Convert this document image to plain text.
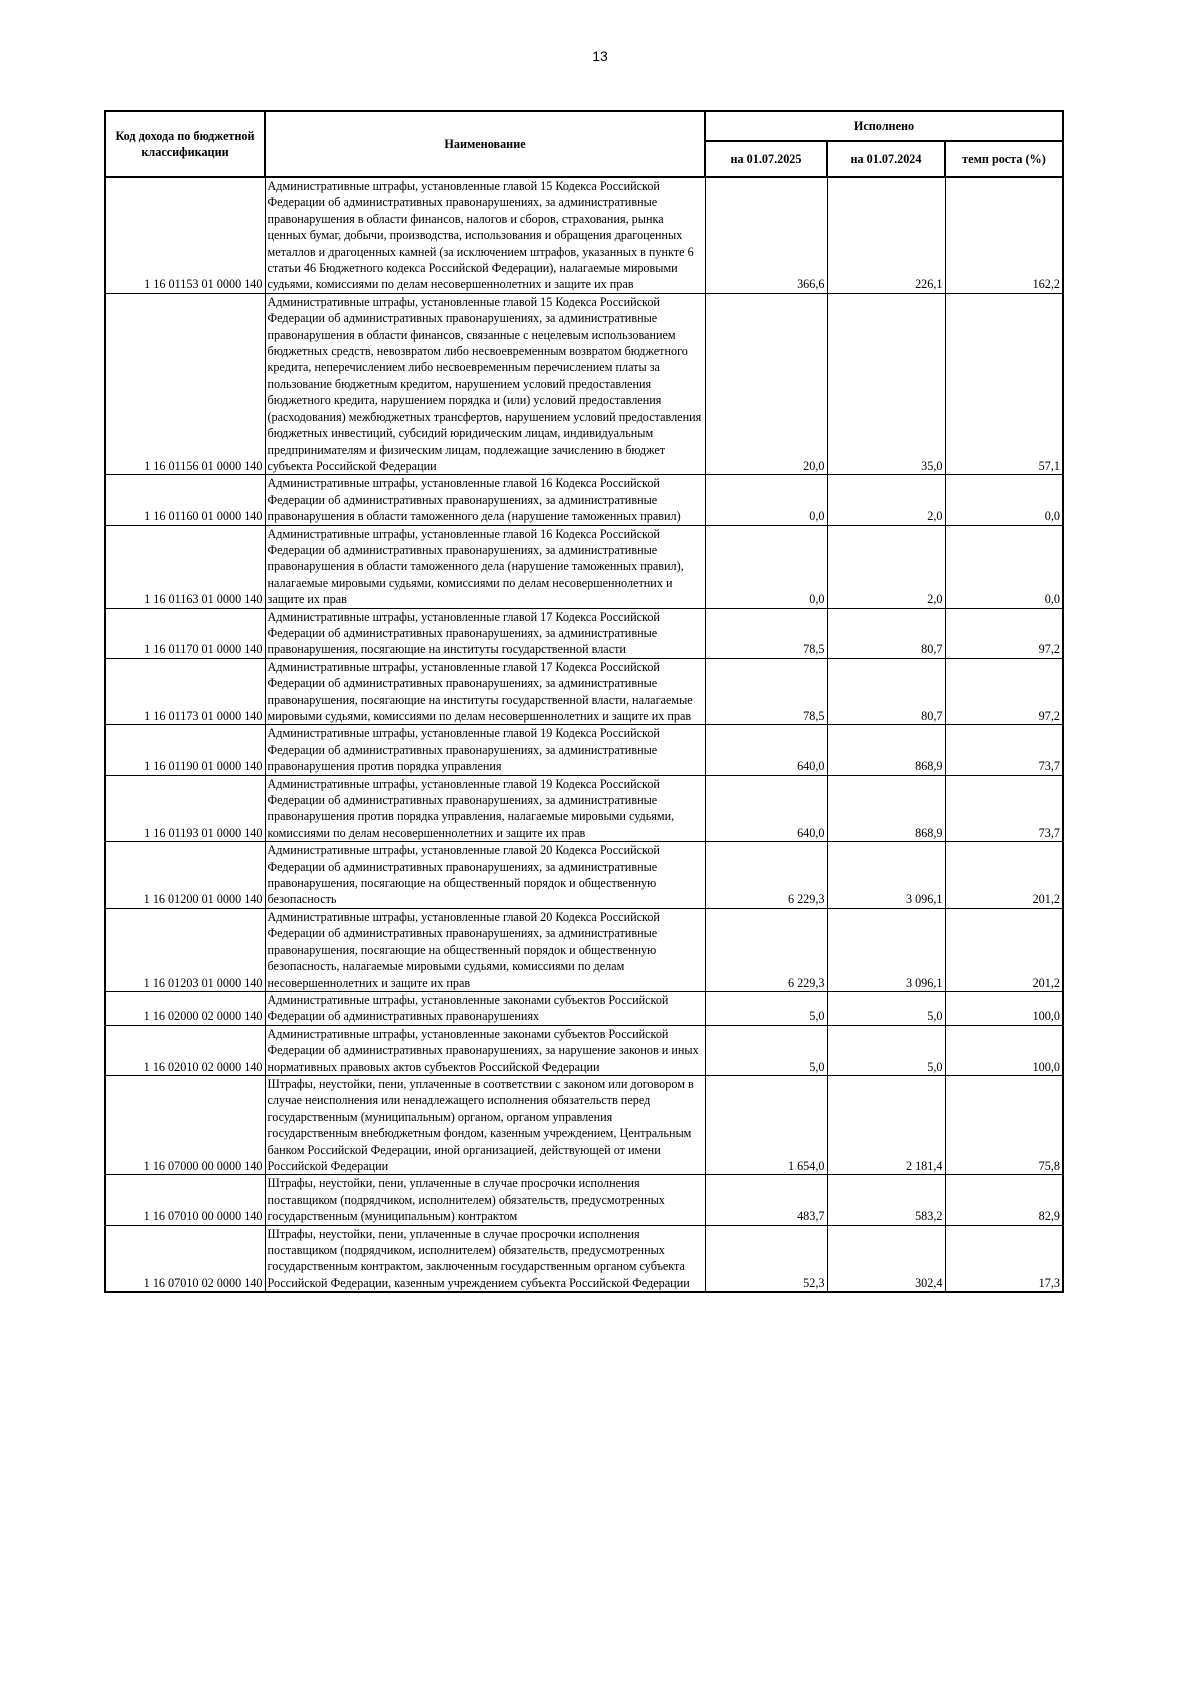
13
Код дохода по бюджетной классификации	Наименование	Исполнено		
		на 01.07.2025	на 01.07.2024	темп роста (%)
1 16 01153 01 0000 140	Административные штрафы, установленные главой 15 Кодекса Российской Федерации об административных правонарушениях, за административные правонарушения в области финансов, налогов и сборов, страхования, рынка ценных бумаг, добычи, производства, использования и обращения драгоценных металлов и драгоценных камней (за исключением штрафов, указанных в пункте 6 статьи 46 Бюджетного кодекса Российской Федерации), налагаемые мировыми судьями, комиссиями по делам несовершеннолетних и защите их прав	366,6	226,1	162,2
1 16 01156 01 0000 140	Административные штрафы, установленные главой 15 Кодекса Российской Федерации об административных правонарушениях, за административные правонарушения в области финансов, связанные с нецелевым использованием бюджетных средств, невозвратом либо несвоевременным возвратом бюджетного кредита, неперечислением либо несвоевременным перечислением платы за пользование бюджетным кредитом, нарушением условий предоставления бюджетного кредита, нарушением порядка и (или) условий предоставления (расходования) межбюджетных трансфертов, нарушением условий предоставления бюджетных инвестиций, субсидий юридическим лицам, индивидуальным предпринимателям и физическим лицам, подлежащие зачислению в бюджет субъекта Российской Федерации	20,0	35,0	57,1
1 16 01160 01 0000 140	Административные штрафы, установленные главой 16 Кодекса Российской Федерации об административных правонарушениях, за административные правонарушения в области таможенного дела (нарушение таможенных правил)	0,0	2,0	0,0
1 16 01163 01 0000 140	Административные штрафы, установленные главой 16 Кодекса Российской Федерации об административных правонарушениях, за административные правонарушения в области таможенного дела (нарушение таможенных правил), налагаемые мировыми судьями, комиссиями по делам несовершеннолетних и защите их прав	0,0	2,0	0,0
1 16 01170 01 0000 140	Административные штрафы, установленные главой 17 Кодекса Российской Федерации об административных правонарушениях, за административные правонарушения, посягающие на институты государственной власти	78,5	80,7	97,2
1 16 01173 01 0000 140	Административные штрафы, установленные главой 17 Кодекса Российской Федерации об административных правонарушениях, за административные правонарушения, посягающие на институты государственной власти, налагаемые мировыми судьями, комиссиями по делам несовершеннолетних и защите их прав	78,5	80,7	97,2
1 16 01190 01 0000 140	Административные штрафы, установленные главой 19 Кодекса Российской Федерации об административных правонарушениях, за административные правонарушения против порядка управления	640,0	868,9	73,7
1 16 01193 01 0000 140	Административные штрафы, установленные главой 19 Кодекса Российской Федерации об административных правонарушениях, за административные правонарушения против порядка управления, налагаемые мировыми судьями, комиссиями по делам несовершеннолетних и защите их прав	640,0	868,9	73,7
1 16 01200 01 0000 140	Административные штрафы, установленные главой 20 Кодекса Российской Федерации об административных правонарушениях, за административные правонарушения, посягающие на общественный порядок и общественную безопасность	6 229,3	3 096,1	201,2
1 16 01203 01 0000 140	Административные штрафы, установленные главой 20 Кодекса Российской Федерации об административных правонарушениях, за административные правонарушения, посягающие на общественный порядок и общественную безопасность, налагаемые мировыми судьями, комиссиями по делам несовершеннолетних и защите их прав	6 229,3	3 096,1	201,2
1 16 02000 02 0000 140	Административные штрафы, установленные законами субъектов Российской Федерации об административных правонарушениях	5,0	5,0	100,0
1 16 02010 02 0000 140	Административные штрафы, установленные законами субъектов Российской Федерации об административных правонарушениях, за нарушение законов и иных нормативных правовых актов субъектов Российской Федерации	5,0	5,0	100,0
1 16 07000 00 0000 140	Штрафы, неустойки, пени, уплаченные в соответствии с законом или договором в случае неисполнения или ненадлежащего исполнения обязательств перед государственным (муниципальным) органом, органом управления государственным внебюджетным фондом, казенным учреждением, Центральным банком Российской Федерации, иной организацией, действующей от имени Российской Федерации	1 654,0	2 181,4	75,8
1 16 07010 00 0000 140	Штрафы, неустойки, пени, уплаченные в случае просрочки исполнения поставщиком (подрядчиком, исполнителем) обязательств, предусмотренных государственным (муниципальным) контрактом	483,7	583,2	82,9
1 16 07010 02 0000 140	Штрафы, неустойки, пени, уплаченные в случае просрочки исполнения поставщиком (подрядчиком, исполнителем) обязательств, предусмотренных государственным контрактом, заключенным государственным органом субъекта Российской Федерации, казенным учреждением субъекта Российской Федерации	52,3	302,4	17,3
